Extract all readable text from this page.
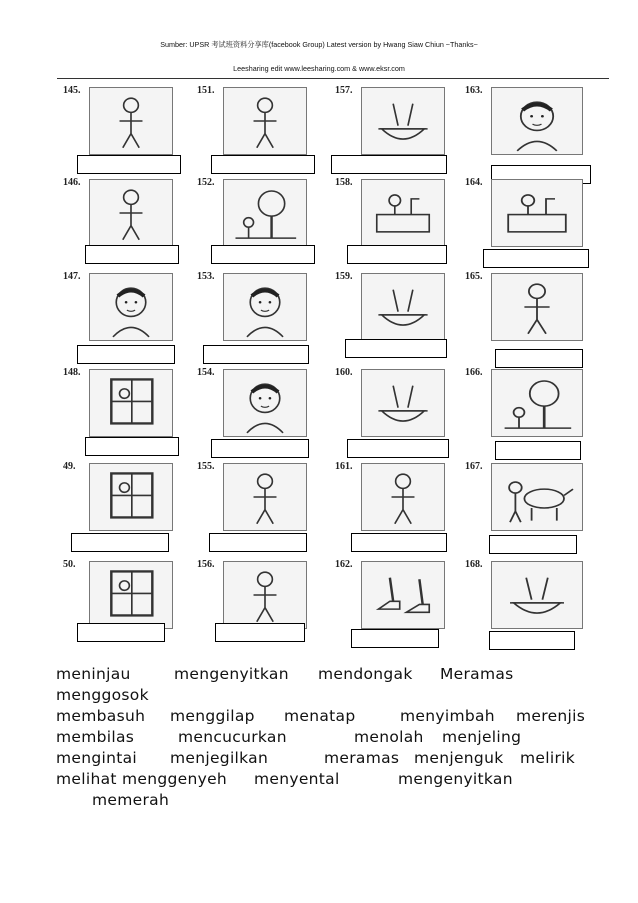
Sumber: UPSR 考试班资料分享库(facebook Group) Latest version by Hwang Siaw Chiun ~Thanks~
Leesharing edit www.leesharing.com & www.eksr.com
145.	151.	157.	163.
146.	152.	158.	164.
147.	153.	159.	165.
148.	154.	160.	166.
49.	155.	161.	167.
50.	156.	162.	168.
meninjau	mengenyitkan mendongak Meramas
menggosok
membasuh menggilap menatap	menyimbah merenjis
membilas	mencucurkan	menolah menjeling
mengintai menjegilkan	meramas menjenguk melirik
melihat menggenyeh menyental	mengenyitkan
memerah
